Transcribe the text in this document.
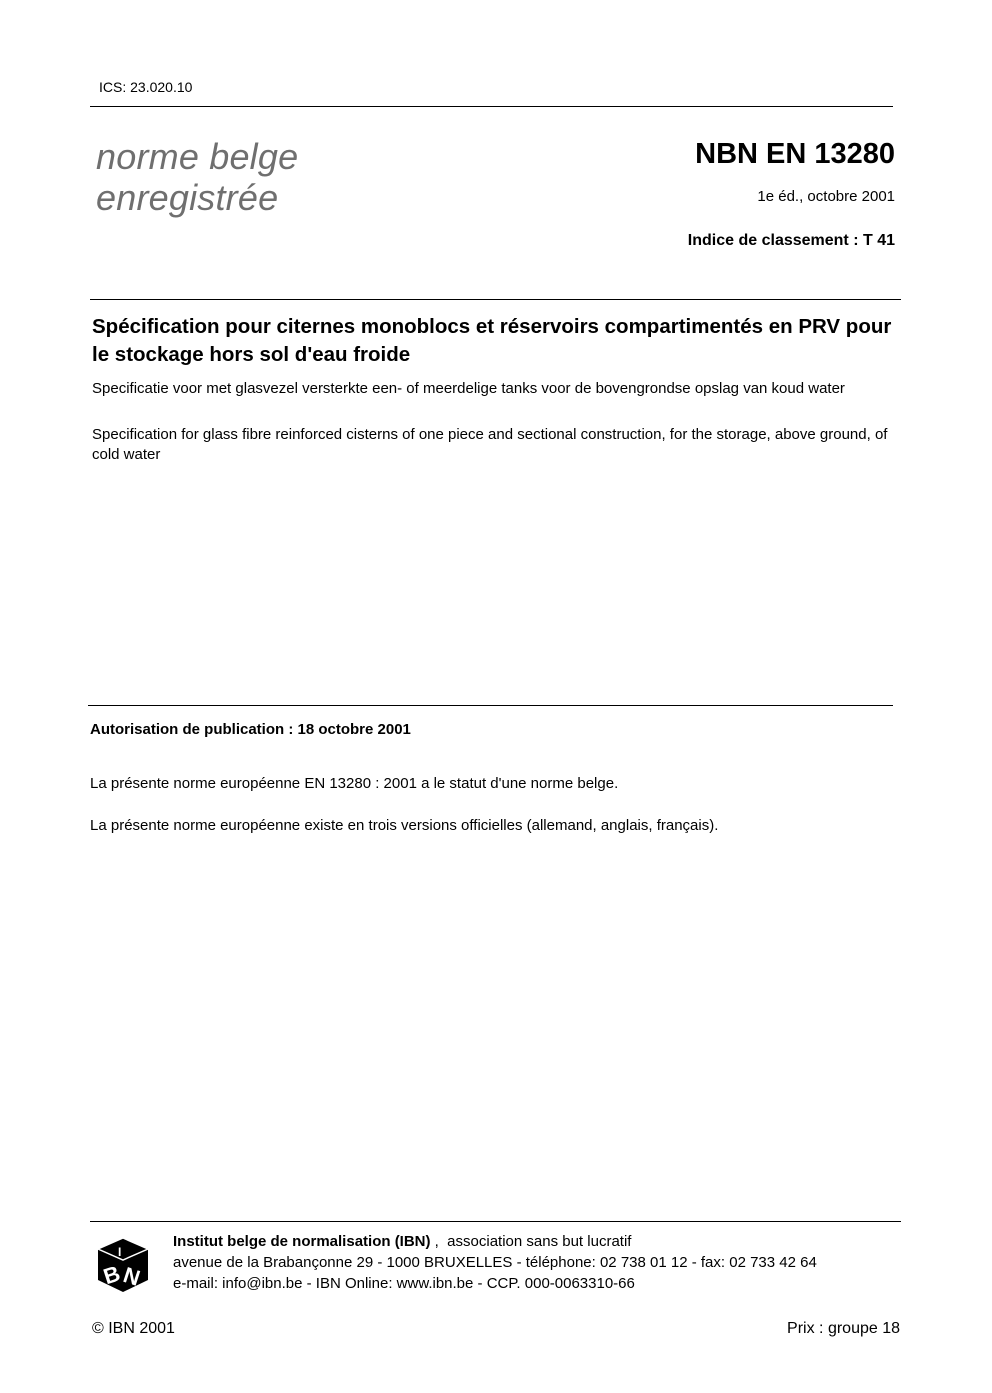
ICS: 23.020.10
norme belge
enregistrée
NBN EN 13280
1e éd., octobre 2001
Indice de classement : T 41
Spécification pour citernes monoblocs et réservoirs compartimentés en PRV pour le stockage hors sol d'eau froide
Specificatie voor met glasvezel versterkte een- of meerdelige tanks voor de bovengrondse opslag van koud water
Specification for glass fibre reinforced cisterns of one piece and sectional construction, for the storage, above ground, of cold water
Autorisation de publication : 18 octobre 2001
La présente norme européenne EN 13280 : 2001 a le statut d'une norme belge.
La présente norme européenne existe en trois versions officielles (allemand, anglais, français).
B
N
I
Institut belge de normalisation (IBN) ,  association sans but lucratif
avenue de la Brabançonne 29 - 1000 BRUXELLES - téléphone: 02 738 01 12 - fax: 02 733 42 64
e-mail: info@ibn.be - IBN Online: www.ibn.be - CCP. 000-0063310-66
© IBN 2001	Prix : groupe 18
